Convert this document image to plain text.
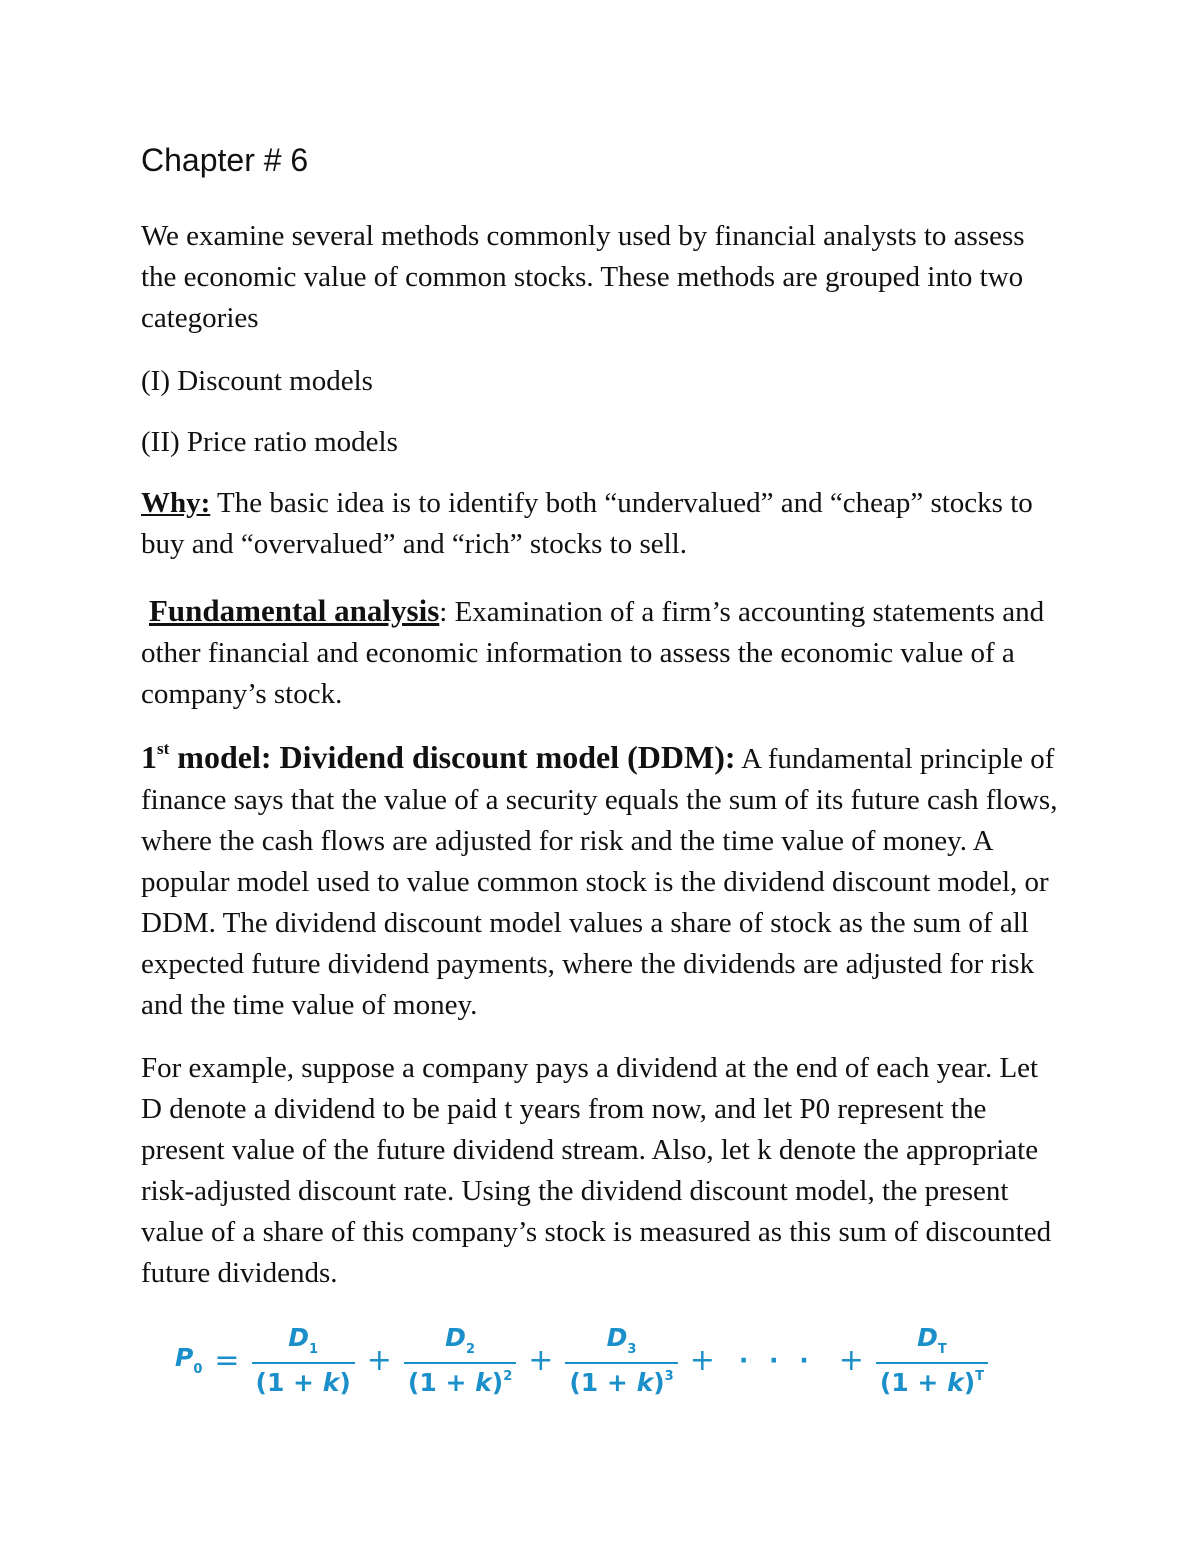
Chapter # 6

We examine several methods commonly used by financial analysts to assess the economic value of common stocks. These methods are grouped into two categories

(I) Discount models

(II) Price ratio models

Why: The basic idea is to identify both “undervalued” and “cheap” stocks to buy and “overvalued” and “rich” stocks to sell.

Fundamental analysis: Examination of a firm’s accounting statements and other financial and economic information to assess the economic value of a company’s stock.

1st model: Dividend discount model (DDM): A fundamental principle of finance says that the value of a security equals the sum of its future cash flows, where the cash flows are adjusted for risk and the time value of money. A popular model used to value common stock is the dividend discount model, or DDM. The dividend discount model values a share of stock as the sum of all expected future dividend payments, where the dividends are adjusted for risk and the time value of money.

For example, suppose a company pays a dividend at the end of each year. Let D denote a dividend to be paid t years from now, and let P0 represent the present value of the future dividend stream. Also, let k denote the appropriate risk-adjusted discount rate. Using the dividend discount model, the present value of a share of this company’s stock is measured as this sum of discounted future dividends.

$P_0 = \frac{D_1}{(1 + k)} + \frac{D_2}{(1 + k)^2} + \frac{D_3}{(1 + k)^3}$ + · · · + $\frac{D_T}{(1 + k)^T}$
